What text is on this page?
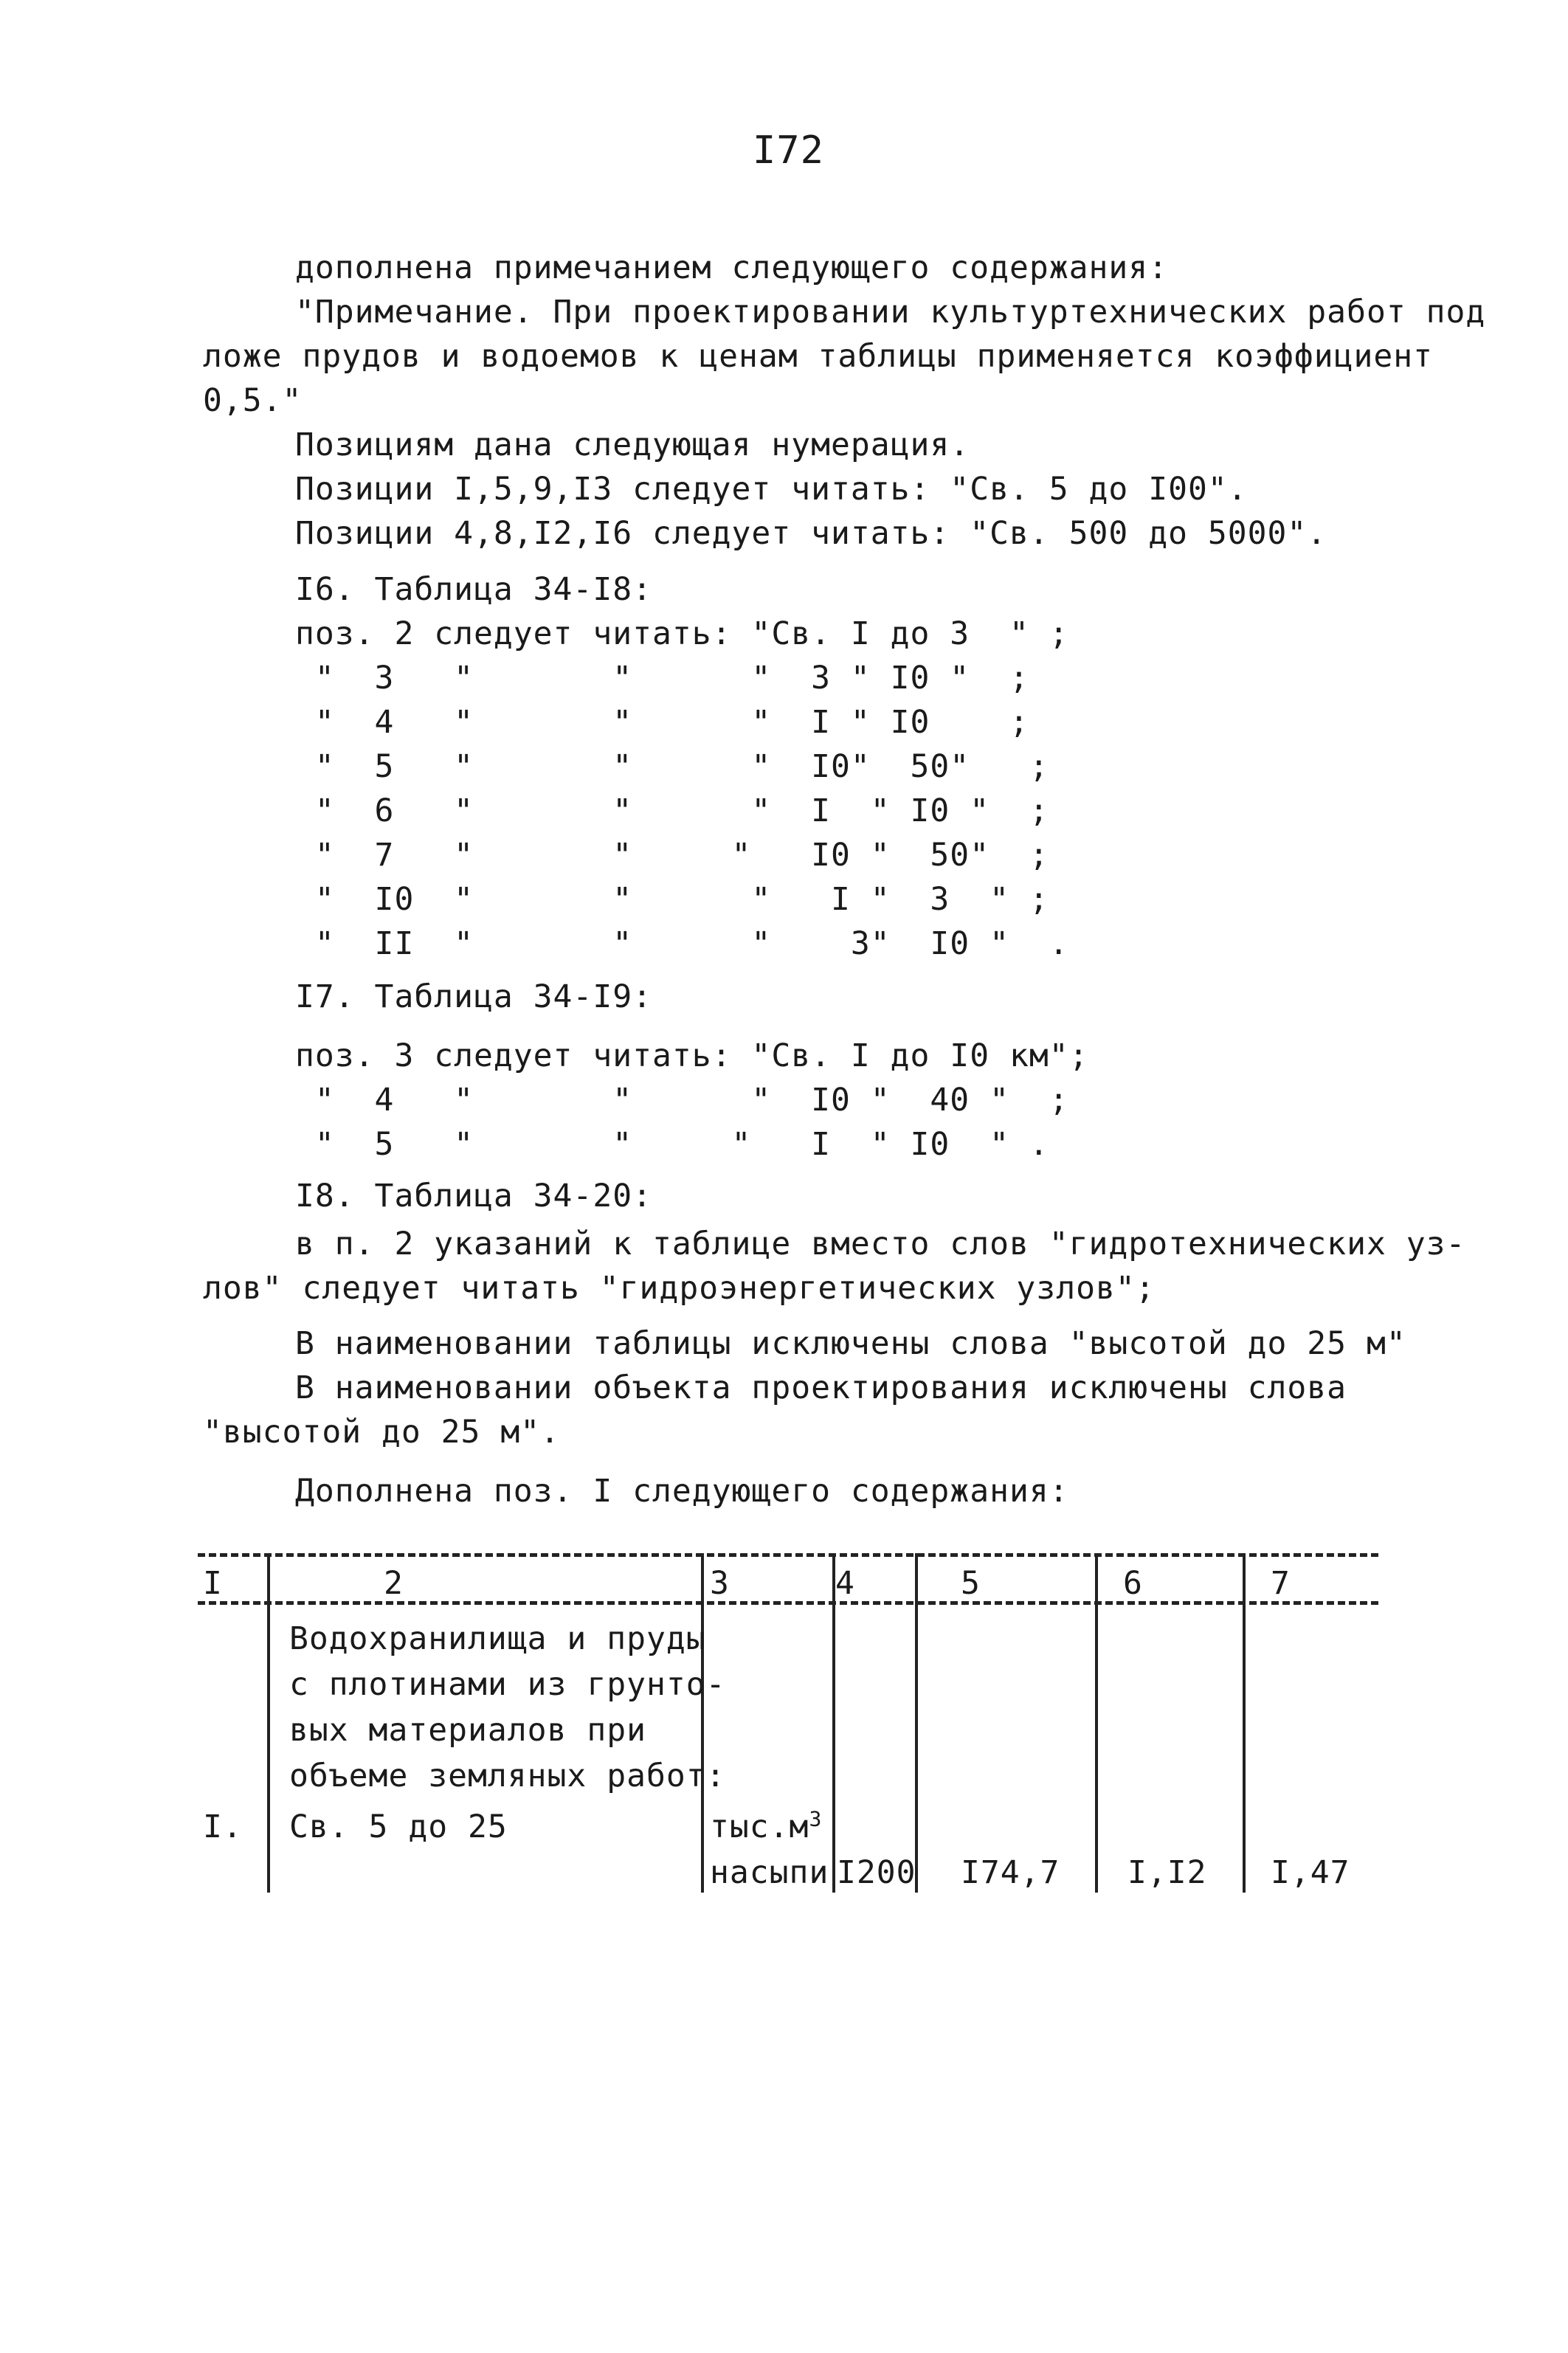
I72
дополнена примечанием следующего содержания:
"Примечание. При проектировании культуртехнических работ под
ложе прудов и водоемов к ценам таблицы применяется коэффициент
0,5."
Позициям дана следующая нумерация.
Позиции I,5,9,I3 следует читать: "Св. 5 до I00".
Позиции 4,8,I2,I6 следует читать: "Св. 500 до 5000".
I6. Таблица 34-I8:
поз. 2 следует читать: "Св. I до 3  " ;
"  3   "       "      "  3 " I0 "  ;
"  4   "       "      "  I " I0    ;
"  5   "       "      "  I0"  50"   ;
"  6   "       "      "  I  " I0 "  ;
"  7   "       "     "   I0 "  50"  ;
"  I0  "       "      "   I "  3  " ;
"  II  "       "      "    3"  I0 "  .
I7. Таблица 34-I9:
поз. 3 следует читать: "Св. I до I0 км";
"  4   "       "      "  I0 "  40 "  ;
"  5   "       "     "   I  " I0  " .
I8. Таблица 34-20:
в п. 2 указаний к таблице вместо слов "гидротехнических уз-
лов" следует читать "гидроэнергетических узлов";
В наименовании таблицы исключены слова "высотой до 25 м"
В наименовании объекта проектирования исключены слова
"высотой до 25 м".
Дополнена поз. I следующего содержания:
I	2	3	4	5	6	7
Водохранилища и пруды
с плотинами из грунто-
вых материалов при
объеме земляных работ:
I. Св. 5 до 25	$тыс.м^3$
насыпи I200 I74,7 I,I2 I,47
